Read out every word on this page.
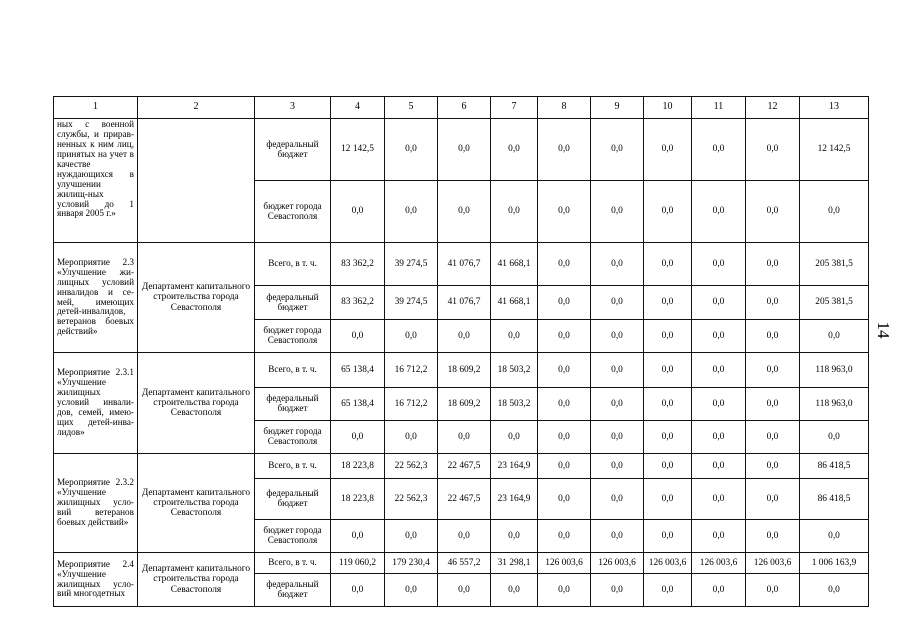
14
1	2	3	4	5	6	7	8	9	10	11	12	13
ных с военной службы, и прирав-ненных к ним лиц, принятых на учет в качестве нуждающихся в улучшении жилищ-ных условий до 1 января 2005 г.»		федеральный бюджет	12 142,5	0,0	0,0	0,0	0,0	0,0	0,0	0,0	0,0	12 142,5
		бюджет города Севастополя	0,0	0,0	0,0	0,0	0,0	0,0	0,0	0,0	0,0	0,0
Мероприятие 2.3 «Улучшение жи-лищных условий инвалидов и се-мей, имеющих детей-инвалидов, ветеранов боевых действий»	Департамент капитального строительства города Севастополя	Всего, в т. ч.	83 362,2	39 274,5	41 076,7	41 668,1	0,0	0,0	0,0	0,0	0,0	205 381,5
		федеральный бюджет	83 362,2	39 274,5	41 076,7	41 668,1	0,0	0,0	0,0	0,0	0,0	205 381,5
		бюджет города Севастополя	0,0	0,0	0,0	0,0	0,0	0,0	0,0	0,0	0,0	0,0
Мероприятие 2.3.1 «Улучшение жилищных условий инвали-дов, семей, имею-щих детей-инва-лидов»	Департамент капитального строительства города Севастополя	Всего, в т. ч.	65 138,4	16 712,2	18 609,2	18 503,2	0,0	0,0	0,0	0,0	0,0	118 963,0
		федеральный бюджет	65 138,4	16 712,2	18 609,2	18 503,2	0,0	0,0	0,0	0,0	0,0	118 963,0
		бюджет города Севастополя	0,0	0,0	0,0	0,0	0,0	0,0	0,0	0,0	0,0	0,0
Мероприятие 2.3.2 «Улучшение жилищных усло-вий ветеранов боевых действий»	Департамент капитального строительства города Севастополя	Всего, в т. ч.	18 223,8	22 562,3	22 467,5	23 164,9	0,0	0,0	0,0	0,0	0,0	86 418,5
		федеральный бюджет	18 223,8	22 562,3	22 467,5	23 164,9	0,0	0,0	0,0	0,0	0,0	86 418,5
		бюджет города Севастополя	0,0	0,0	0,0	0,0	0,0	0,0	0,0	0,0	0,0	0,0
Мероприятие 2.4 «Улучшение жилищных усло-вий многодетных	Департамент капитального строительства города Севастополя	Всего, в т. ч.	119 060,2	179 230,4	46 557,2	31 298,1	126 003,6	126 003,6	126 003,6	126 003,6	126 003,6	1 006 163,9
		федеральный бюджет	0,0	0,0	0,0	0,0	0,0	0,0	0,0	0,0	0,0	0,0
